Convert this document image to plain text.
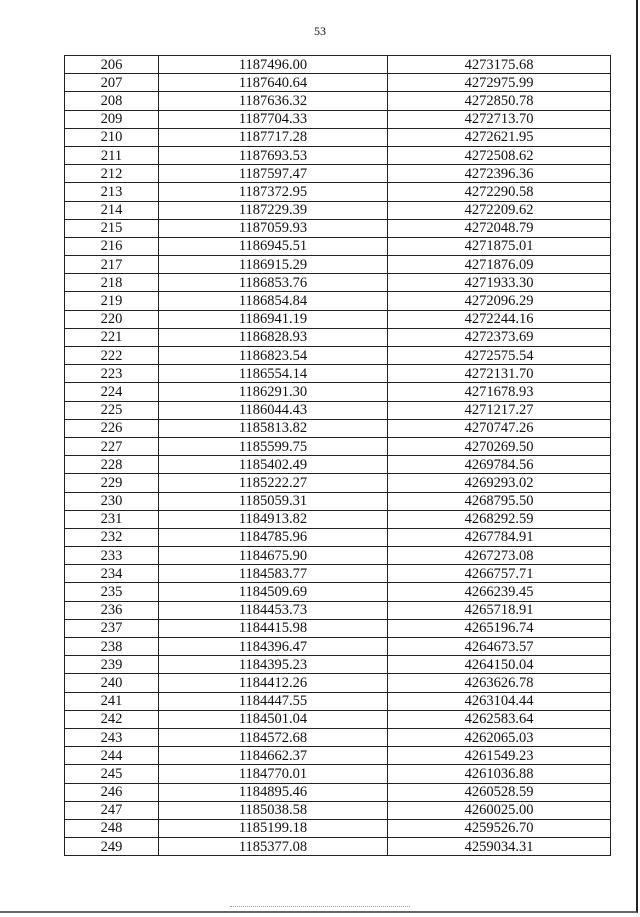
53
206	1187496.00	4273175.68
207	1187640.64	4272975.99
208	1187636.32	4272850.78
209	1187704.33	4272713.70
210	1187717.28	4272621.95
211	1187693.53	4272508.62
212	1187597.47	4272396.36
213	1187372.95	4272290.58
214	1187229.39	4272209.62
215	1187059.93	4272048.79
216	1186945.51	4271875.01
217	1186915.29	4271876.09
218	1186853.76	4271933.30
219	1186854.84	4272096.29
220	1186941.19	4272244.16
221	1186828.93	4272373.69
222	1186823.54	4272575.54
223	1186554.14	4272131.70
224	1186291.30	4271678.93
225	1186044.43	4271217.27
226	1185813.82	4270747.26
227	1185599.75	4270269.50
228	1185402.49	4269784.56
229	1185222.27	4269293.02
230	1185059.31	4268795.50
231	1184913.82	4268292.59
232	1184785.96	4267784.91
233	1184675.90	4267273.08
234	1184583.77	4266757.71
235	1184509.69	4266239.45
236	1184453.73	4265718.91
237	1184415.98	4265196.74
238	1184396.47	4264673.57
239	1184395.23	4264150.04
240	1184412.26	4263626.78
241	1184447.55	4263104.44
242	1184501.04	4262583.64
243	1184572.68	4262065.03
244	1184662.37	4261549.23
245	1184770.01	4261036.88
246	1184895.46	4260528.59
247	1185038.58	4260025.00
248	1185199.18	4259526.70
249	1185377.08	4259034.31
